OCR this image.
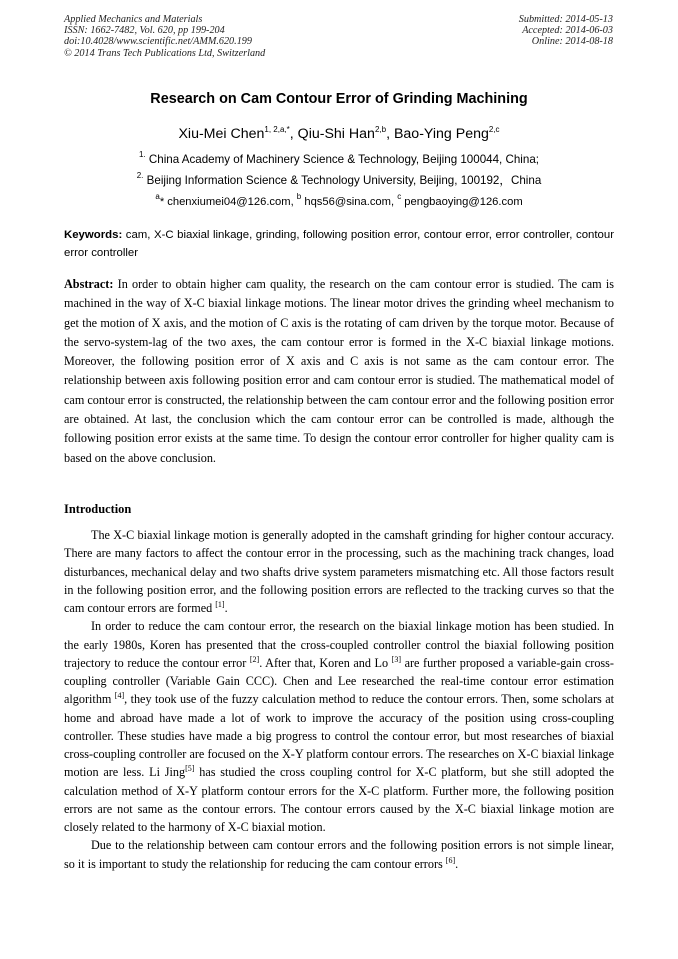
Applied Mechanics and Materials
ISSN: 1662-7482, Vol. 620, pp 199-204
doi:10.4028/www.scientific.net/AMM.620.199
© 2014 Trans Tech Publications Ltd, Switzerland
Submitted: 2014-05-13
Accepted: 2014-06-03
Online: 2014-08-18
Research on Cam Contour Error of Grinding Machining
Xiu-Mei Chen$^{1, 2,a,*}$, Qiu-Shi Han$^{2,b}$, Bao-Ying Peng$^{2,c}$
$^{1.}$ China Academy of Machinery Science & Technology, Beijing 100044, China;
$^{2.}$ Beijing Information Science & Technology University, Beijing, 100192，China
$^a$* chenxiumei04@126.com, $^b$ hqs56@sina.com, $^c$ pengbaoying@126.com
Keywords: cam, X-C biaxial linkage, grinding, following position error, contour error, error controller, contour error controller
Abstract: In order to obtain higher cam quality, the research on the cam contour error is studied. The cam is machined in the way of X-C biaxial linkage motions. The linear motor drives the grinding wheel mechanism to get the motion of X axis, and the motion of C axis is the rotating of cam driven by the torque motor. Because of the servo-system-lag of the two axes, the cam contour error is formed in the X-C biaxial linkage motions. Moreover, the following position error of X axis and C axis is not same as the cam contour error. The relationship between axis following position error and cam contour error is studied. The mathematical model of cam contour error is constructed, the relationship between the cam contour error and the following position error are obtained. At last, the conclusion which the cam contour error can be controlled is made, although the following position error exists at the same time. To design the contour error controller for higher quality cam is based on the above conclusion.
Introduction

The X-C biaxial linkage motion is generally adopted in the camshaft grinding for higher contour accuracy. There are many factors to affect the contour error in the processing, such as the machining track changes, load disturbances, mechanical delay and two shafts drive system parameters mismatching etc. All those factors result in the following position error, and the following position errors are reflected to the tracking curves so that the cam contour errors are formed [1].

In order to reduce the cam contour error, the research on the biaxial linkage motion has been studied. In the early 1980s, Koren has presented that the cross-coupled controller control the biaxial following position trajectory to reduce the contour error [2]. After that, Koren and Lo [3] are further proposed a variable-gain cross-coupling controller (Variable Gain CCC). Chen and Lee researched the real-time contour error estimation algorithm [4], they took use of the fuzzy calculation method to reduce the contour errors. Then, some scholars at home and abroad have made a lot of work to improve the accuracy of the position using cross-coupling controller. These studies have made a big progress to control the contour error, but most researches of biaxial cross-coupling controller are focused on the X-Y platform contour errors. The researches on X-C biaxial linkage motion are less. Li Jing[5] has studied the cross coupling control for X-C platform, but she still adopted the calculation method of X-Y platform contour errors for the X-C platform. Further more, the following position errors are not same as the contour errors. The contour errors caused by the X-C biaxial linkage motion are closely related to the harmony of X-C biaxial motion.

Due to the relationship between cam contour errors and the following position errors is not simple linear, so it is important to study the relationship for reducing the cam contour errors [6].
